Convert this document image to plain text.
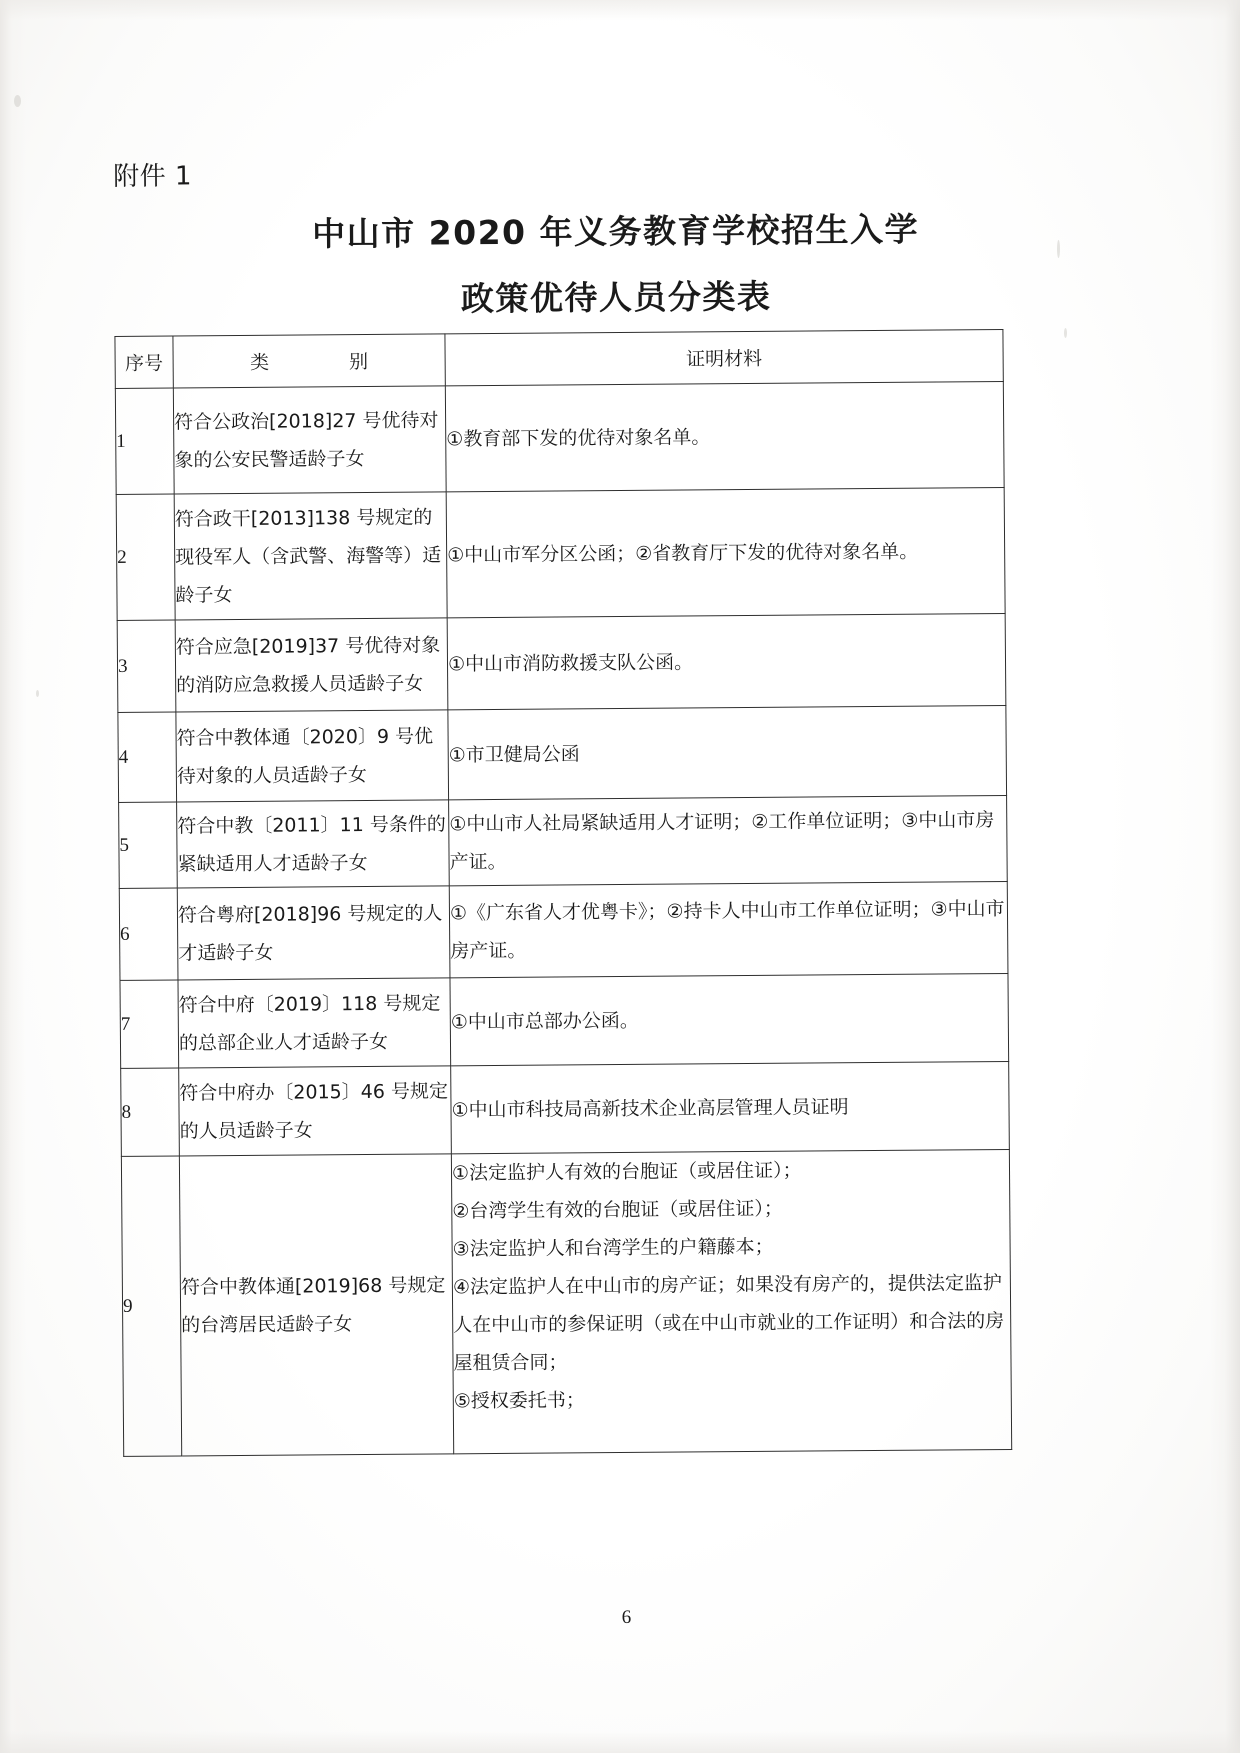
附件 1
中山市 2020 年义务教育学校招生入学
政策优待人员分类表
序号	类　　别	证明材料
1	符合公政治[2018]27 号优待对象的公安民警适龄子女	①教育部下发的优待对象名单。

2	符合政干[2013]138 号规定的现役军人（含武警、海警等）适龄子女	①中山市军分区公函；②省教育厅下发的优待对象名单。

3	符合应急[2019]37 号优待对象的消防应急救援人员适龄子女	①中山市消防救援支队公函。

4	符合中教体通〔2020〕9 号优待对象的人员适龄子女	①市卫健局公函

5	符合中教〔2011〕11 号条件的紧缺适用人才适龄子女	①中山市人社局紧缺适用人才证明；②工作单位证明；③中山市房产证。

6	符合粤府[2018]96 号规定的人才适龄子女	①《广东省人才优粤卡》；②持卡人中山市工作单位证明；③中山市房产证。

7	符合中府〔2019〕118 号规定的总部企业人才适龄子女	①中山市总部办公函。

8	符合中府办〔2015〕46 号规定的人员适龄子女	①中山市科技局高新技术企业高层管理人员证明

9	符合中教体通[2019]68 号规定的台湾居民适龄子女	①法定监护人有效的台胞证（或居住证）；
②台湾学生有效的台胞证（或居住证）；
③法定监护人和台湾学生的户籍藤本；
④法定监护人在中山市的房产证；如果没有房产的，提供法定监护人在中山市的参保证明（或在中山市就业的工作证明）和合法的房屋租赁合同；
⑤授权委托书；
6
